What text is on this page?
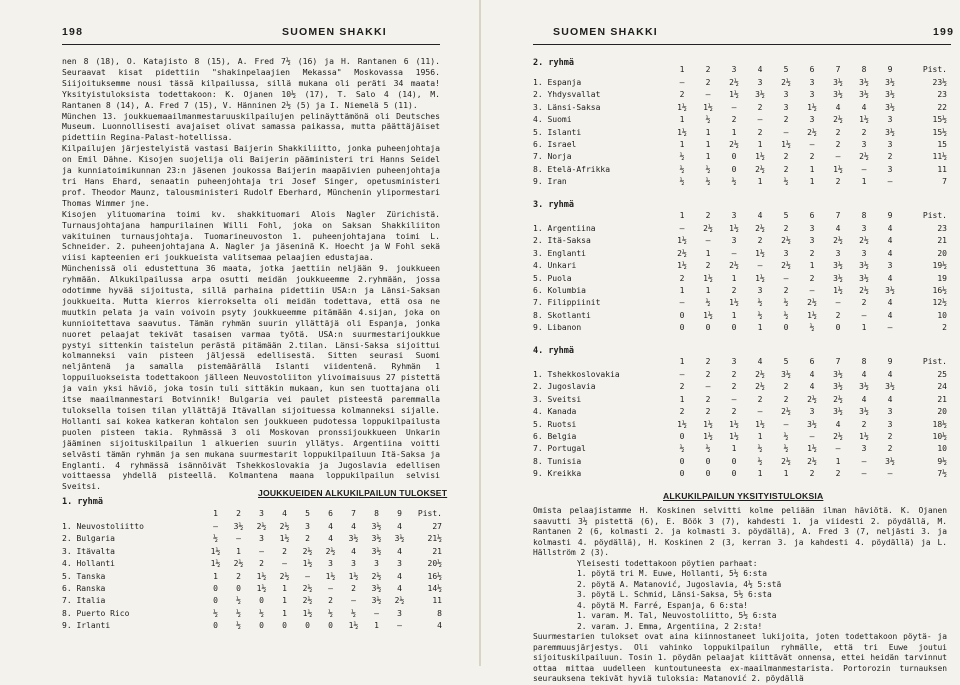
198	SUOMEN SHAKKI

nen 8 (18), O. Katajisto 8 (15), A. Fred 7½ (16) ja H. Rantanen 6 (11). Seuraavat kisat pidettiin "shakinpelaajien Mekassa" Moskovassa 1956. Siijoituksemme nousi tässä kilpailussa, sillä mukana oli peräti 34 maata! Yksityistuloksista todettakoon: K. Ojanen 10½ (17), T. Salo 4 (14), M. Rantanen 8 (14), A. Fred 7 (15), V. Hänninen 2½ (5) ja I. Niemelä 5 (11).

München 13. joukkuemaailmanmestaruuskilpailujen pelinäyttämönä oli Deutsches Museum. Luonnollisesti avajaiset olivat samassa paikassa, mutta päättäjäiset pidettiin Regina-Palast-hotellissa.

Kilpailujen järjestelyistä vastasi Baijerin Shakkiliitto, jonka puheenjohtaja on Emil Dähne. Kisojen suojelija oli Baijerin pääministeri tri Hanns Seidel ja kunniatoimikunnan 23:n jäsenen joukossa Baijerin maapäivien puheenjohtaja tri Hans Ehard, senaatin puheenjohtaja tri Josef Singer, opetusministeri prof. Theodor Maunz, talousministeri Rudolf Eberhard, Münchenin ylipormestari Thomas Wimmer jne.

Kisojen ylituomarina toimi kv. shakkituomari Alois Nagler Zürichistä. Turnausjohtajana hampurilainen Willi Fohl, joka on Saksan Shakkiliiton vakituinen turnausjohtaja. Tuomarineuvoston 1. puheenjohtajana toimi L. Schneider. 2. puheenjohtajana A. Nagler ja jäseninä K. Hoecht ja W Fohl sekä viisi kapteenien eri joukkueista valitsemaa pelaajien edustajaa.

Münchenissä oli edustettuna 36 maata, jotka jaettiin neljään 9. joukkueen ryhmään. Alkukilpailussa arpa osutti meidän joukkueemme 2.ryhmään, jossa odotimme hyvää sijoitusta, sillä parhaina pidettiin USA:n ja Länsi-Saksan joukkueita. Mutta kierros kierrokselta oli meidän todettava, että osa ne muutkin pelata ja vain voivoin psyty joukkueemme pitämään 4.sijan, joka on kunnioitettava saavutus. Tämän ryhmän suurin yllättäjä oli Espanja, jonka nuoret pelaajat tekivät tasaisen varmaa työtä. USA:n suurmestarijoukkue pystyi sittenkin taistelun perästä pitämään 2.tilan. Länsi-Saksa sijoittui kolmanneksi vain pisteen jäljessä edellisestä. Sitten seurasi Suomi neljäntenä ja samalla pistemäärällä Islanti viidentenä. Ryhmän 1 loppuiluokseista todettakoon jälleen Neuvostoliiton ylivoimaisuus 27 pistettä ja vain yksi häviö, joka tosin tuli sittäkin mukaan, kun sen tuottajana oli itse maailmanmestari Botvinnik! Bulgaria vei paulet pisteestä paremmalla tuloksella toisen tilan yllättäjä Itävallan sijoituessa kolmanneksi sijalle. Hollanti sai kokea katkeran kohtalon sen joukkueen pudotessa loppukilpailusta puolen pisteen takia. Ryhmässä 3 oli Moskovan pronssijoukkueen Unkarin jääminen sijoituskilpailun 1 alkuerien suurin yllätys. Argentiina voitti selvästi tämän ryhmän ja sen mukana suurmestarit loppukilpailuun Itä-Saksa ja Englanti. 4 ryhmässä isännöivät Tshekkoslovakia ja Jugoslavia edellisen voittaessa yhdellä pisteellä. Kolmantena maana loppukilpailun selvisi Sveitsi.

JOUKKUEIDEN ALKUKILPAILUN TULOKSET
1. ryhmä
	1	2	3	4	5	6	7	8	9	Pist.
1. Neuvostoliitto	—	3½	2½	2½	3	4	4	3½	4	27
2. Bulgaria	½	—	3	1½	2	4	3½	3½	3½	21½
3. Itävalta	1½	1	—	2	2½	2½	4	3½	4	21
4. Hollanti	1½	2½	2	—	1½	3	3	3	3	20½
5. Tanska	1	2	1½	2½	—	1½	1½	2½	4	16½
6. Ranska	0	0	1½	1	2½	—	2	3½	4	14½
7. Italia	0	½	0	1	2½	2	—	3½	2½	11
8. Puerto Rico	½	½	½	1	1½	½	½	—	3	8
9. Irlanti	0	½	0	0	0	0	1½	1	—	4
SUOMEN SHAKKI	199
2. ryhmä
	1	2	3	4	5	6	7	8	9	Pist.
1. Espanja	—	2	2½	3	2½	3	3½	3½	3½	23½
2. Yhdysvallat	2	—	1½	3½	3	3	3½	3½	3½	23
3. Länsi-Saksa	1½	1½	—	2	3	1½	4	4	3½	22
4. Suomi	1	½	2	—	2	3	2½	1½	3	15½
5. Islanti	1½	1	1	2	—	2½	2	2	3½	15½
6. Israel	1	1	2½	1	1½	—	2	3	3	15
7. Norja	½	1	0	1½	2	2	—	2½	2	11½
8. Etelä-Afrikka	½	½	0	2½	2	1	1½	—	3	11
9. Iran	½	½	½	1	½	1	2	1	—	7
3. ryhmä
	1	2	3	4	5	6	7	8	9	Pist.
1. Argentiina	—	2½	1½	2½	2	3	4	3	4	23
2. Itä-Saksa	1½	—	3	2	2½	3	2½	2½	4	21
3. Englanti	2½	1	—	1½	3	2	3	3	4	20
4. Unkari	1½	2	2½	—	2½	1	3½	3½	3	19½
5. Puola	2	1½	1	1½	—	2	3½	3½	4	19
6. Kolumbia	1	1	2	3	2	—	1½	2½	3½	16½
7. Filippiinit	—	½	1½	½	½	2½	—	2	4	12½
8. Skotlanti	0	1½	1	½	½	1½	2	—	4	10
9. Libanon	0	0	0	1	0	½	0	1	—	2
4. ryhmä
	1	2	3	4	5	6	7	8	9	Pist.
1. Tshekkoslovakia	—	2	2	2½	3½	4	3½	4	4	25
2. Jugoslavia	2	—	2	2½	2	4	3½	3½	3½	24
3. Sveitsi	1	2	—	2	2	2½	2½	4	4	21
4. Kanada	2	2	2	—	2½	3	3½	3½	3	20
5. Ruotsi	1½	1½	1½	1½	—	3½	4	2	3	18½
6. Belgia	0	1½	1½	1	½	—	2½	1½	2	10½
7. Portugal	½	½	1	½	½	1½	—	3	2	10
8. Tunisia	0	0	0	½	2½	2½	1	—	3½	9½
9. Kreikka	0	0	0	1	1	2	2	—	—	7½
ALKUKILPAILUN YKSITYISTULOKSIA

Omista pelaajistamme H. Koskinen selvitti kolme peliään ilman häviötä. K. Ojanen saavutti 3½ pistettä (6), E. Böök 3 (7), kahdesti 1. ja viidesti 2. pöydällä, M. Rantanen 2 (6, kolmasti 2. ja kolmasti 3. pöydällä), A. Fred 3 (7, neljästi 3. ja kolmasti 4. pöydällä), H. Koskinen 2 (3, kerran 3. ja kahdesti 4. pöydällä) ja L. Hällström 2 (3).

Yleisesti todettakoon pöytien parhaat:

1. pöytä tri M. Euwe, Hollanti, 5½ 6:sta

2. pöytä A. Matanović, Jugoslavia, 4½ 5:stä

3. pöytä L. Schmid, Länsi-Saksa, 5½ 6:sta

4. pöytä M. Farré, Espanja, 6 6:sta!

1. varam. M. Tal, Neuvostoliitto, 5½ 6:sta

2. varam. J. Emma, Argentiina, 2 2:sta!

Suurmestarien tulokset ovat aina kiinnostaneet lukijoita, joten todettakoon pöytä- ja paremmuusjärjestys. Oli vahinko loppukilpailun ryhmälle, että tri Euwe joutui sijoituskilpailuun. Tosin 1. pöydän pelaajat kiittävät onnensa, ettei heidän tarvinnut ottaa mittaa uudelleen kuntoutuneesta ex-maailmanmestarista. Portorozin turnauksen seurauksena tekivät hyviä tuloksia: Matanović 2. pöydällä
